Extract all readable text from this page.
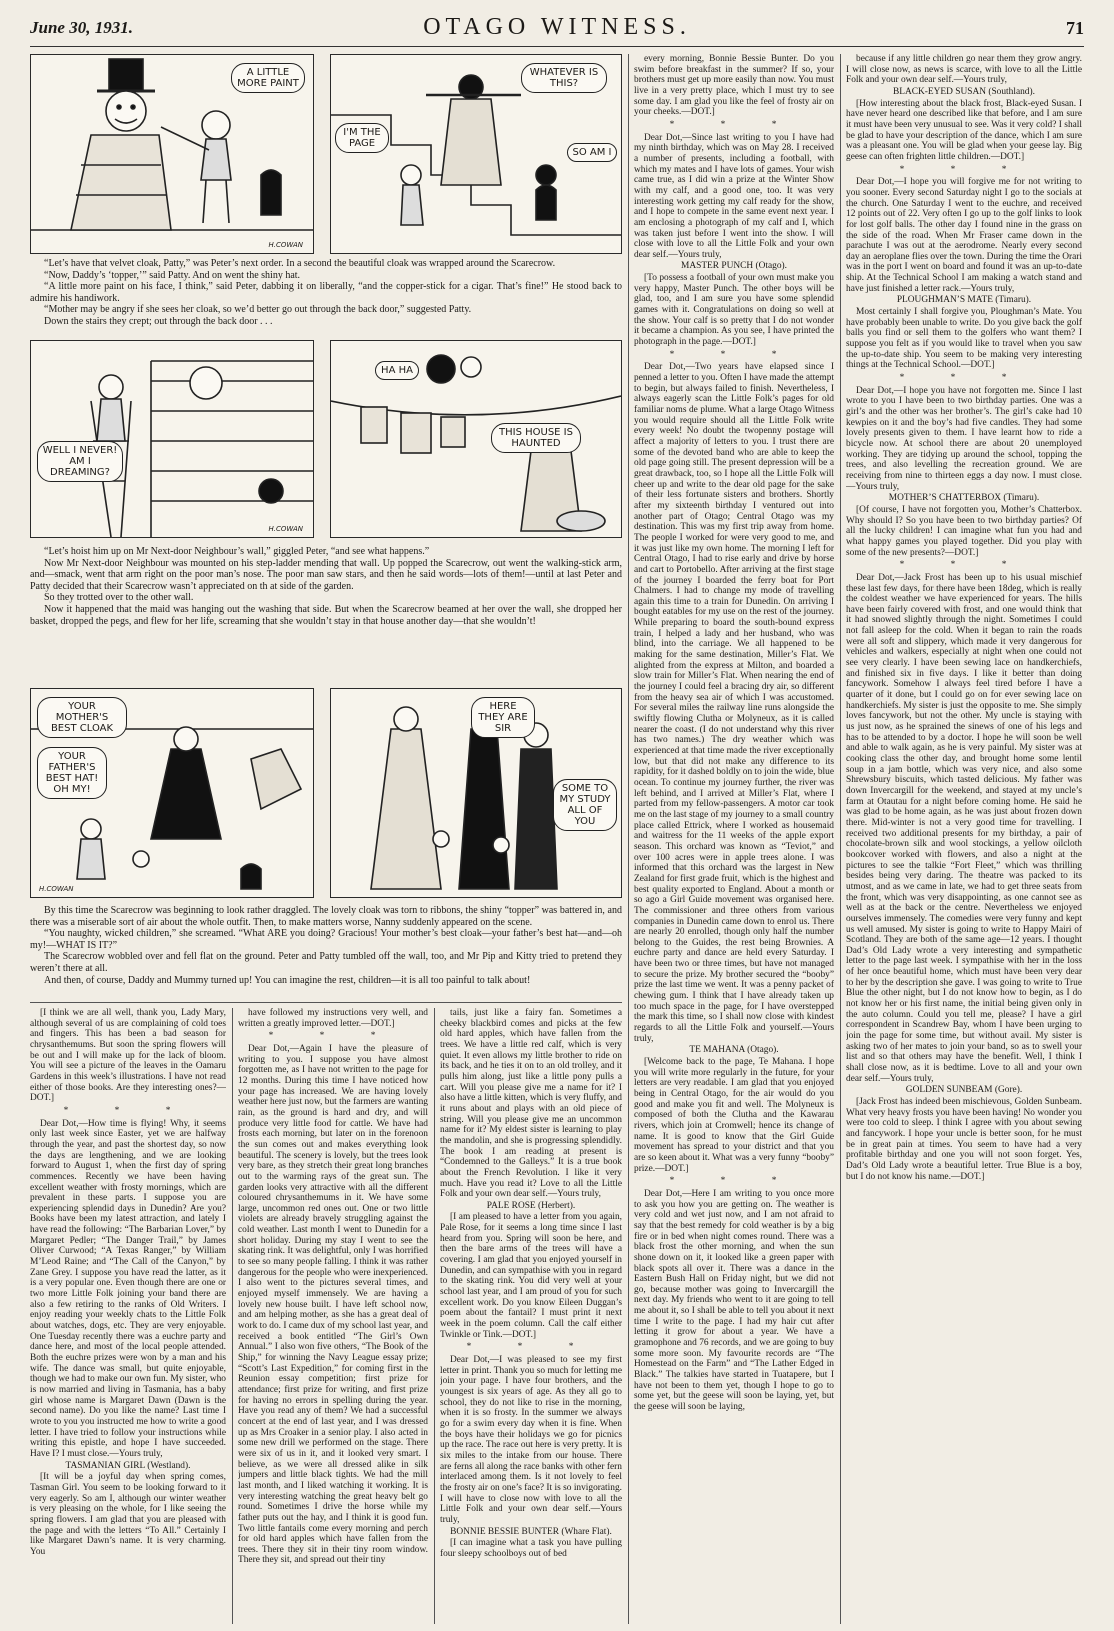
June 30, 1931.	OTAGO WITNESS.	71
A LITTLE MORE PAINT
H.COWAN
I'M THE PAGE
WHATEVER IS THIS?
SO AM I

“Let’s have that velvet cloak, Patty,” was Peter’s next order. In a second the beautiful cloak was wrapped around the Scarecrow.

“Now, Daddy’s ‘topper,’” said Patty. And on went the shiny hat.

“A little more paint on his face, I think,” said Peter, dabbing it on liberally, “and the copper-stick for a cigar. That’s fine!” He stood back to admire his handiwork.

“Mother may be angry if she sees her cloak, so we’d better go out through the back door,” suggested Patty.

Down the stairs they crept; out through the back door . . .

WELL I NEVER! AM I DREAMING?
H.COWAN
HA HA
THIS HOUSE IS HAUNTED

“Let’s hoist him up on Mr Next-door Neighbour’s wall,” giggled Peter, “and see what happens.”

Now Mr Next-door Neighbour was mounted on his step-ladder mending that wall. Up popped the Scarecrow, out went the walking-stick arm, and—smack, went that arm right on the poor man’s nose. The poor man saw stars, and then he said words—lots of them!—until at last Peter and Patty decided that their Scarecrow wasn’t appreciated on th at side of the garden.

So they trotted over to the other wall.

Now it happened that the maid was hanging out the washing that side. But when the Scarecrow beamed at her over the wall, she dropped her basket, dropped the pegs, and flew for her life, screaming that she wouldn’t stay in that house another day—that she wouldn’t!

YOUR MOTHER'S BEST CLOAK
YOUR FATHER'S BEST HAT! OH MY!
H.COWAN
HERE THEY ARE SIR
SOME TO MY STUDY ALL OF YOU

By this time the Scarecrow was beginning to look rather draggled. The lovely cloak was torn to ribbons, the shiny “topper” was battered in, and there was a miserable sort of air about the whole outfit. Then, to make matters worse, Nanny suddenly appeared on the scene.

“You naughty, wicked children,” she screamed. “What ARE you doing? Gracious! Your mother’s best cloak—your father’s best hat—and—oh my!—WHAT IS IT?”

The Scarecrow wobbled over and fell flat on the ground. Peter and Patty tumbled off the wall, too, and Mr Pip and Kitty tried to pretend they weren’t there at all.

And then, of course, Daddy and Mummy turned up! You can imagine the rest, children—it is all too painful to talk about!

[I think we are all well, thank you, Lady Mary, although several of us are complaining of cold toes and fingers. This has been a bad season for chrysanthemums. But soon the spring flowers will be out and I will make up for the lack of bloom. You will see a picture of the leaves in the Oamaru Gardens in this week’s illustrations. I have not read either of those books. Are they interesting ones?—DOT.]

* * *

Dear Dot,—How time is flying! Why, it seems only last week since Easter, yet we are halfway through the year, and past the shortest day, so now the days are lengthening, and we are looking forward to August 1, when the first day of spring commences. Recently we have been having excellent weather with frosty mornings, which are prevalent in these parts. I suppose you are experiencing splendid days in Dunedin? Are you? Books have been my latest attraction, and lately I have read the following: “The Barbarian Lover,” by Margaret Pedler; “The Danger Trail,” by James Oliver Curwood; “A Texas Ranger,” by William M’Leod Raine; and “The Call of the Canyon,” by Zane Grey. I suppose you have read the latter, as it is a very popular one. Even though there are one or two more Little Folk joining your band there are also a few retiring to the ranks of Old Writers. I enjoy reading your weekly chats to the Little Folk about watches, dogs, etc. They are very enjoyable. One Tuesday recently there was a euchre party and dance here, and most of the local people attended. Both the euchre prizes were won by a man and his wife. The dance was small, but quite enjoyable, though we had to make our own fun. My sister, who is now married and living in Tasmania, has a baby girl whose name is Margaret Dawn (Dawn is the second name). Do you like the name? Last time I wrote to you you instructed me how to write a good letter. I have tried to follow your instructions while writing this epistle, and hope I have succeeded. Have I? I must close.—Yours truly,

TASMANIAN GIRL (Westland).

[It will be a joyful day when spring comes, Tasman Girl. You seem to be looking forward to it very eagerly. So am I, although our winter weather is very pleasing on the whole, for I like seeing the spring flowers. I am glad that you are pleased with the page and with the letters “To All.” Certainly I like Margaret Dawn’s name. It is very charming. You

have followed my instructions very well, and written a greatly improved letter.—DOT.]

* * *

Dear Dot,—Again I have the pleasure of writing to you. I suppose you have almost forgotten me, as I have not written to the page for 12 months. During this time I have noticed how your page has increased. We are having lovely weather here just now, but the farmers are wanting rain, as the ground is hard and dry, and will produce very little food for cattle. We have had frosts each morning, but later on in the forenoon the sun comes out and makes everything look beautiful. The scenery is lovely, but the trees look very bare, as they stretch their great long branches out to the warming rays of the great sun. The garden looks very attractive with all the different coloured chrysanthemums in it. We have some large, uncommon red ones out. One or two little violets are already bravely struggling against the cold weather. Last month I went to Dunedin for a short holiday. During my stay I went to see the skating rink. It was delightful, only I was horrified to see so many people falling. I think it was rather dangerous for the people who were inexperienced. I also went to the pictures several times, and enjoyed myself immensely. We are having a lovely new house built. I have left school now, and am helping mother, as she has a great deal of work to do. I came dux of my school last year, and received a book entitled “The Girl’s Own Annual.” I also won five others, “The Book of the Ship,” for winning the Navy League essay prize; “Scott’s Last Expedition,” for coming first in the Reunion essay competition; first prize for attendance; first prize for writing, and first prize for having no errors in spelling during the year. Have you read any of them? We had a successful concert at the end of last year, and I was dressed up as Mrs Croaker in a senior play. I also acted in some new drill we performed on the stage. There were six of us in it, and it looked very smart. I believe, as we were all dressed alike in silk jumpers and little black tights. We had the mill last month, and I liked watching it working. It is very interesting watching the great heavy belt go round. Sometimes I drive the horse while my father puts out the hay, and I think it is good fun. Two little fantails come every morning and perch for old hard apples which have fallen from the trees. There they sit in their tiny room window. There they sit, and spread out their tiny

tails, just like a fairy fan. Sometimes a cheeky blackbird comes and picks at the few old hard apples, which have fallen from the trees. We have a little red calf, which is very quiet. It even allows my little brother to ride on its back, and he ties it on to an old trolley, and it pulls him along, just like a little pony pulls a cart. Will you please give me a name for it? I also have a little kitten, which is very fluffy, and it runs about and plays with an old piece of string. Will you please give me an uncommon name for it? My eldest sister is learning to play the mandolin, and she is progressing splendidly. The book I am reading at present is “Condemned to the Galleys.” It is a true book about the French Revolution. I like it very much. Have you read it? Love to all the Little Folk and your own dear self.—Yours truly,

PALE ROSE (Herbert).

[I am pleased to have a letter from you again, Pale Rose, for it seems a long time since I last heard from you. Spring will soon be here, and then the bare arms of the trees will have a covering. I am glad that you enjoyed yourself in Dunedin, and can sympathise with you in regard to the skating rink. You did very well at your school last year, and I am proud of you for such excellent work. Do you know Eileen Duggan’s poem about the fantail? I must print it next week in the poem column. Call the calf either Twinkle or Tink.—DOT.]

* * *

Dear Dot,—I was pleased to see my first letter in print. Thank you so much for letting me join your page. I have four brothers, and the youngest is six years of age. As they all go to school, they do not like to rise in the morning, when it is so frosty. In the summer we always go for a swim every day when it is fine. When the boys have their holidays we go for picnics up the race. The race out here is very pretty. It is six miles to the intake from our house. There are ferns all along the race banks with other fern interlaced among them. Is it not lovely to feel the frosty air on one’s face? It is so invigorating. I will have to close now with love to all the Little Folk and your own dear self.—Yours truly,

BONNIE BESSIE BUNTER (Whare Flat).

[I can imagine what a task you have pulling four sleepy schoolboys out of bed

every morning, Bonnie Bessie Bunter. Do you swim before breakfast in the summer? If so, your brothers must get up more easily than now. You must live in a very pretty place, which I must try to see some day. I am glad you like the feel of frosty air on your cheeks.—DOT.]

* * *

Dear Dot,—Since last writing to you I have had my ninth birthday, which was on May 28. I received a number of presents, including a football, with which my mates and I have lots of games. Your wish came true, as I did win a prize at the Winter Show with my calf, and a good one, too. It was very interesting work getting my calf ready for the show, and I hope to compete in the same event next year. I am enclosing a photograph of my calf and I, which was taken just before I went into the show. I will close with love to all the Little Folk and your own dear self.—Yours truly,

MASTER PUNCH (Otago).

[To possess a football of your own must make you very happy, Master Punch. The other boys will be glad, too, and I am sure you have some splendid games with it. Congratulations on doing so well at the show. Your calf is so pretty that I do not wonder it became a champion. As you see, I have printed the photograph in the page.—DOT.]

* * *

Dear Dot,—Two years have elapsed since I penned a letter to you. Often I have made the attempt to begin, but always failed to finish. Nevertheless, I always eagerly scan the Little Folk’s pages for old familiar noms de plume. What a large Otago Witness you would require should all the Little Folk write every week! No doubt the twopenny postage will affect a majority of letters to you. I trust there are some of the devoted band who are able to keep the old page going still. The present depression will be a great drawback, too, so I hope all the Little Folk will cheer up and write to the dear old page for the sake of their less fortunate sisters and brothers. Shortly after my sixteenth birthday I ventured out into another part of Otago; Central Otago was my destination. This was my first trip away from home. The people I worked for were very good to me, and it was just like my own home. The morning I left for Central Otago, I had to rise early and drive by horse and cart to Portobello. After arriving at the first stage of the journey I boarded the ferry boat for Port Chalmers. I had to change my mode of travelling again this time to a train for Dunedin. On arriving I bought eatables for my use on the rest of the journey. While preparing to board the south-bound express train, I helped a lady and her husband, who was blind, into the carriage. We all happened to be making for the same destination, Miller’s Flat. We alighted from the express at Milton, and boarded a slow train for Miller’s Flat. When nearing the end of the journey I could feel a bracing dry air, so different from the heavy sea air of which I was accustomed. For several miles the railway line runs alongside the swiftly flowing Clutha or Molyneux, as it is called nearer the coast. (I do not understand why this river has two names.) The dry weather which was experienced at that time made the river exceptionally low, but that did not make any difference to its rapidity, for it dashed boldly on to join the wide, blue ocean. To continue my journey further, the river was left behind, and I arrived at Miller’s Flat, where I parted from my fellow-passengers. A motor car took me on the last stage of my journey to a small country place called Ettrick, where I worked as housemaid and waitress for the 11 weeks of the apple export season. This orchard was known as “Teviot,” and over 100 acres were in apple trees alone. I was informed that this orchard was the largest in New Zealand for first grade fruit, which is the highest and best quality exported to England. About a month or so ago a Girl Guide movement was organised here. The commissioner and three others from various companies in Dunedin came down to enrol us. There are nearly 20 enrolled, though only half the number belong to the Guides, the rest being Brownies. A euchre party and dance are held every Saturday. I have been two or three times, but have not managed to secure the prize. My brother secured the “booby” prize the last time we went. It was a penny packet of chewing gum. I think that I have already taken up too much space in the page, for I have overstepped the mark this time, so I shall now close with kindest regards to all the Little Folk and yourself.—Yours truly,

TE MAHANA (Otago).

[Welcome back to the page, Te Mahana. I hope you will write more regularly in the future, for your letters are very readable. I am glad that you enjoyed being in Central Otago, for the air would do you good and make you fit and well. The Molyneux is composed of both the Clutha and the Kawarau rivers, which join at Cromwell; hence its change of name. It is good to know that the Girl Guide movement has spread to your district and that you are so keen about it. What was a very funny “booby” prize.—DOT.]

* * *

Dear Dot,—Here I am writing to you once more to ask you how you are getting on. The weather is very cold and wet just now, and I am not afraid to say that the best remedy for cold weather is by a big fire or in bed when night comes round. There was a black frost the other morning, and when the sun shone down on it, it looked like a green paper with black spots all over it. There was a dance in the Eastern Bush Hall on Friday night, but we did not go, because mother was going to Invercargill the next day. My friends who went to it are going to tell me about it, so I shall be able to tell you about it next time I write to the page. I had my hair cut after letting it grow for about a year. We have a gramophone and 76 records, and we are going to buy some more soon. My favourite records are “The Homestead on the Farm” and “The Lather Edged in Black.” The talkies have started in Tuatapere, but I have not been to them yet, though I hope to go to some yet, but the geese will soon be laying, yet, but the geese will soon be laying,

because if any little children go near them they grow angry. I will close now, as news is scarce, with love to all the Little Folk and your own dear self.—Yours truly,

BLACK-EYED SUSAN (Southland).

[How interesting about the black frost, Black-eyed Susan. I have never heard one described like that before, and I am sure it must have been very unusual to see. Was it very cold? I shall be glad to have your description of the dance, which I am sure was a pleasant one. You will be glad when your geese lay. Big geese can often frighten little children.—DOT.]

* * *

Dear Dot,—I hope you will forgive me for not writing to you sooner. Every second Saturday night I go to the socials at the church. One Saturday I went to the euchre, and received 12 points out of 22. Very often I go up to the golf links to look for lost golf balls. The other day I found nine in the grass on the side of the road. When Mr Fraser came down in the parachute I was out at the aerodrome. Nearly every second day an aeroplane flies over the town. During the time the Orari was in the port I went on board and found it was an up-to-date ship. At the Technical School I am making a watch stand and have just finished a letter rack.—Yours truly,

PLOUGHMAN’S MATE (Timaru).

Most certainly I shall forgive you, Ploughman’s Mate. You have probably been unable to write. Do you give back the golf balls you find or sell them to the golfers who want them? I suppose you felt as if you would like to travel when you saw the up-to-date ship. You seem to be making very interesting things at the Technical School.—DOT.]

* * *

Dear Dot,—I hope you have not forgotten me. Since I last wrote to you I have been to two birthday parties. One was a girl’s and the other was her brother’s. The girl’s cake had 10 kewpies on it and the boy’s had five candles. They had some lovely presents given to them. I have learnt how to ride a bicycle now. At school there are about 20 unemployed working. They are tidying up around the school, topping the trees, and also levelling the recreation ground. We are receiving from nine to thirteen eggs a day now. I must close.—Yours truly,

MOTHER’S CHATTERBOX (Timaru).

[Of course, I have not forgotten you, Mother’s Chatterbox. Why should I? So you have been to two birthday parties? Of all the lucky children! I can imagine what fun you had and what happy games you played together. Did you play with some of the new presents?—DOT.]

* * *

Dear Dot,—Jack Frost has been up to his usual mischief these last few days, for there have been 18deg, which is really the coldest weather we have experienced for years. The hills have been fairly covered with frost, and one would think that it had snowed slightly through the night. Sometimes I could not fall asleep for the cold. When it began to rain the roads were all soft and slippery, which made it very dangerous for vehicles and walkers, especially at night when one could not see very clearly. I have been sewing lace on handkerchiefs, and finished six in five days. I like it better than doing fancywork. Somehow I always feel tired before I have a quarter of it done, but I could go on for ever sewing lace on handkerchiefs. My sister is just the opposite to me. She simply loves fancywork, but not the other. My uncle is staying with us just now, as he sprained the sinews of one of his legs and has to be attended to by a doctor. I hope he will soon be well and able to walk again, as he is very painful. My sister was at cooking class the other day, and brought home some lentil soup in a jam bottle, which was very nice, and also some Shrewsbury biscuits, which tasted delicious. My father was down Invercargill for the weekend, and stayed at my uncle’s farm at Otautau for a night before coming home. He said he was glad to be home again, as he was just about frozen down there. Mid-winter is not a very good time for travelling. I received two additional presents for my birthday, a pair of chocolate-brown silk and wool stockings, a yellow oilcloth bookcover worked with flowers, and also a night at the pictures to see the talkie “Fort Fleet,” which was thrilling besides being very daring. The theatre was packed to its utmost, and as we came in late, we had to get three seats from the front, which was very disappointing, as one cannot see as well as at the back or the centre. Nevertheless we enjoyed ourselves immensely. The comedies were very funny and kept us well amused. My sister is going to write to Happy Mairi of Scotland. They are both of the same age—12 years. I thought Dad’s Old Lady wrote a very interesting and sympathetic letter to the page last week. I sympathise with her in the loss of her once beautiful home, which must have been very dear to her by the description she gave. I was going to write to True Blue the other night, but I do not know how to begin, as I do not know her or his first name, the initial being given only in the auto column. Could you tell me, please? I have a girl correspondent in Scandrew Bay, whom I have been urging to join the page for some time, but without avail. My sister is asking two of her mates to join your band, so as to swell your list and so that others may have the benefit. Well, I think I shall close now, as it is bedtime. Love to all and your own dear self.—Yours truly,

GOLDEN SUNBEAM (Gore).

[Jack Frost has indeed been mischievous, Golden Sunbeam. What very heavy frosts you have been having! No wonder you were too cold to sleep. I think I agree with you about sewing and fancywork. I hope your uncle is better soon, for he must be in great pain at times. You seem to have had a very profitable birthday and one you will not soon forget. Yes, Dad’s Old Lady wrote a beautiful letter. True Blue is a boy, but I do not know his name.—DOT.]
